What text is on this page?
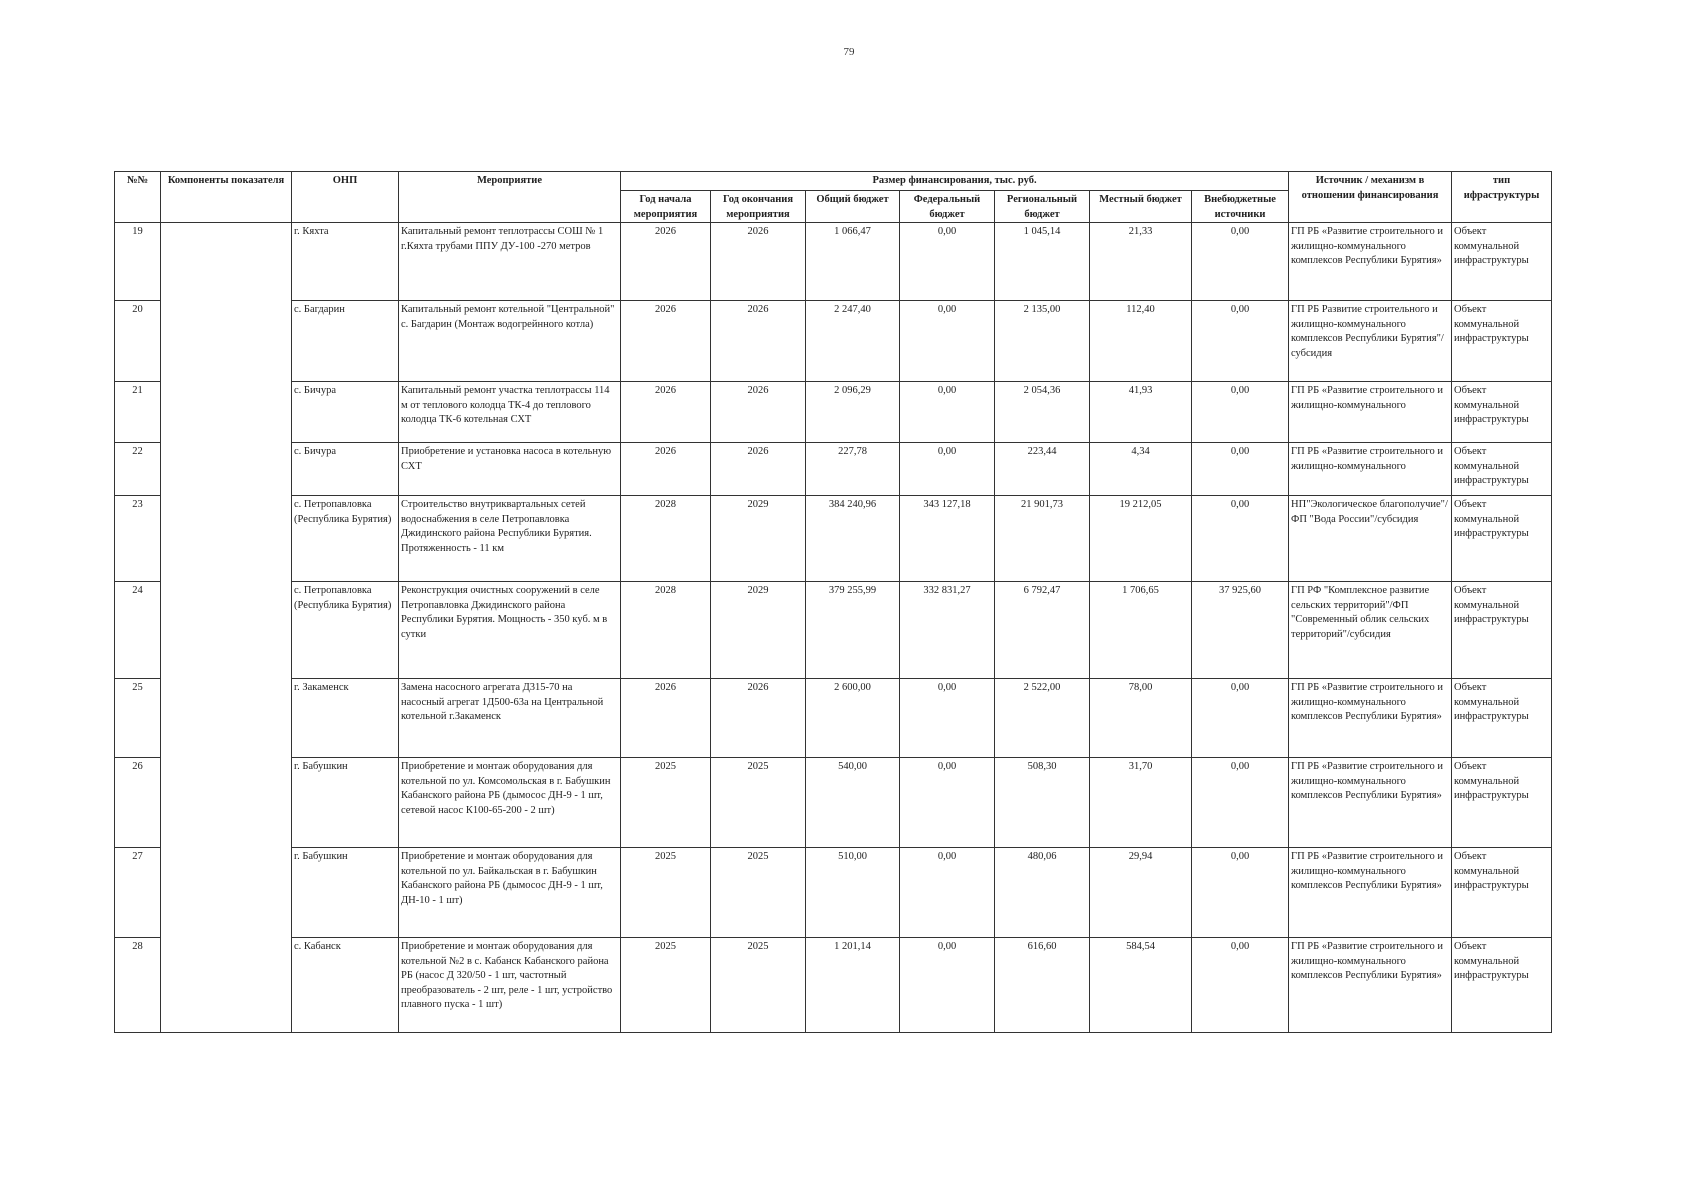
79
№№	Компоненты показателя	ОНП	Мероприятие	Размер финансирования, тыс. руб.							Источник / механизм в отношении финансирования	тип ифраструктуры
				Год начала мероприятия	Год окончания мероприятия	Общий бюджет	Федеральный бюджет	Региональный бюджет	Местный бюджет	Внебюджетные источники		
19		г. Кяхта	Капитальный ремонт теплотрассы СОШ № 1 г.Кяхта трубами ППУ ДУ-100 -270 метров	2026	2026	1 066,47	0,00	1 045,14	21,33	0,00	ГП РБ «Развитие строительного и жилищно-коммунального комплексов Республики Бурятия»	Объект коммунальной инфраструктуры
20		с. Багдарин	Капитальный ремонт котельной "Центральной" с. Багдарин (Монтаж водогрейнного котла)	2026	2026	2 247,40	0,00	2 135,00	112,40	0,00	ГП РБ Развитие строительного и жилищно-коммунального комплексов Республики Бурятия"/субсидия	Объект коммунальной инфраструктуры
21		с. Бичура	Капитальный ремонт участка теплотрассы 114 м от теплового колодца ТК-4 до теплового колодца ТК-6 котельная СХТ	2026	2026	2 096,29	0,00	2 054,36	41,93	0,00	ГП РБ «Развитие строительного и жилищно-коммунального	Объект коммунальной инфраструктуры
22		с. Бичура	Приобретение и установка насоса в котельную СХТ	2026	2026	227,78	0,00	223,44	4,34	0,00	ГП РБ «Развитие строительного и жилищно-коммунального	Объект коммунальной инфраструктуры
23		с. Петропавловка (Республика Бурятия)	Строительство внутриквартальных сетей водоснабжения в селе Петропавловка Джидинского района Республики Бурятия. Протяженность - 11 км	2028	2029	384 240,96	343 127,18	21 901,73	19 212,05	0,00	НП"Экологическое благополучие"/ ФП "Вода России"/субсидия	Объект коммунальной инфраструктуры
24		с. Петропавловка (Республика Бурятия)	Реконструкция очистных сооружений в селе Петропавловка Джидинского района Республики Бурятия. Мощность - 350 куб. м в сутки	2028	2029	379 255,99	332 831,27	6 792,47	1 706,65	37 925,60	ГП РФ "Комплексное развитие сельских территорий"/ФП "Современный облик сельских территорий"/субсидия	Объект коммунальной инфраструктуры
25		г. Закаменск	Замена насосного агрегата Д315-70 на насосный агрегат 1Д500-63а на Центральной котельной г.Закаменск	2026	2026	2 600,00	0,00	2 522,00	78,00	0,00	ГП РБ «Развитие строительного и жилищно-коммунального комплексов Республики Бурятия»	Объект коммунальной инфраструктуры
26		г. Бабушкин	Приобретение и монтаж оборудования для котельной по ул. Комсомольская в г. Бабушкин Кабанского района РБ (дымосос ДН-9 - 1 шт, сетевой насос К100-65-200 - 2 шт)	2025	2025	540,00	0,00	508,30	31,70	0,00	ГП РБ «Развитие строительного и жилищно-коммунального комплексов Республики Бурятия»	Объект коммунальной инфраструктуры
27		г. Бабушкин	Приобретение и монтаж оборудования для котельной по ул. Байкальская в г. Бабушкин Кабанского района РБ (дымосос ДН-9 - 1 шт, ДН-10 - 1 шт)	2025	2025	510,00	0,00	480,06	29,94	0,00	ГП РБ «Развитие строительного и жилищно-коммунального комплексов Республики Бурятия»	Объект коммунальной инфраструктуры
28		с. Кабанск	Приобретение и монтаж оборудования для котельной №2 в с. Кабанск Кабанского района РБ (насос Д 320/50 - 1 шт, частотный преобразователь - 2 шт, реле - 1 шт, устройство плавного пуска - 1 шт)	2025	2025	1 201,14	0,00	616,60	584,54	0,00	ГП РБ «Развитие строительного и жилищно-коммунального комплексов Республики Бурятия»	Объект коммунальной инфраструктуры
